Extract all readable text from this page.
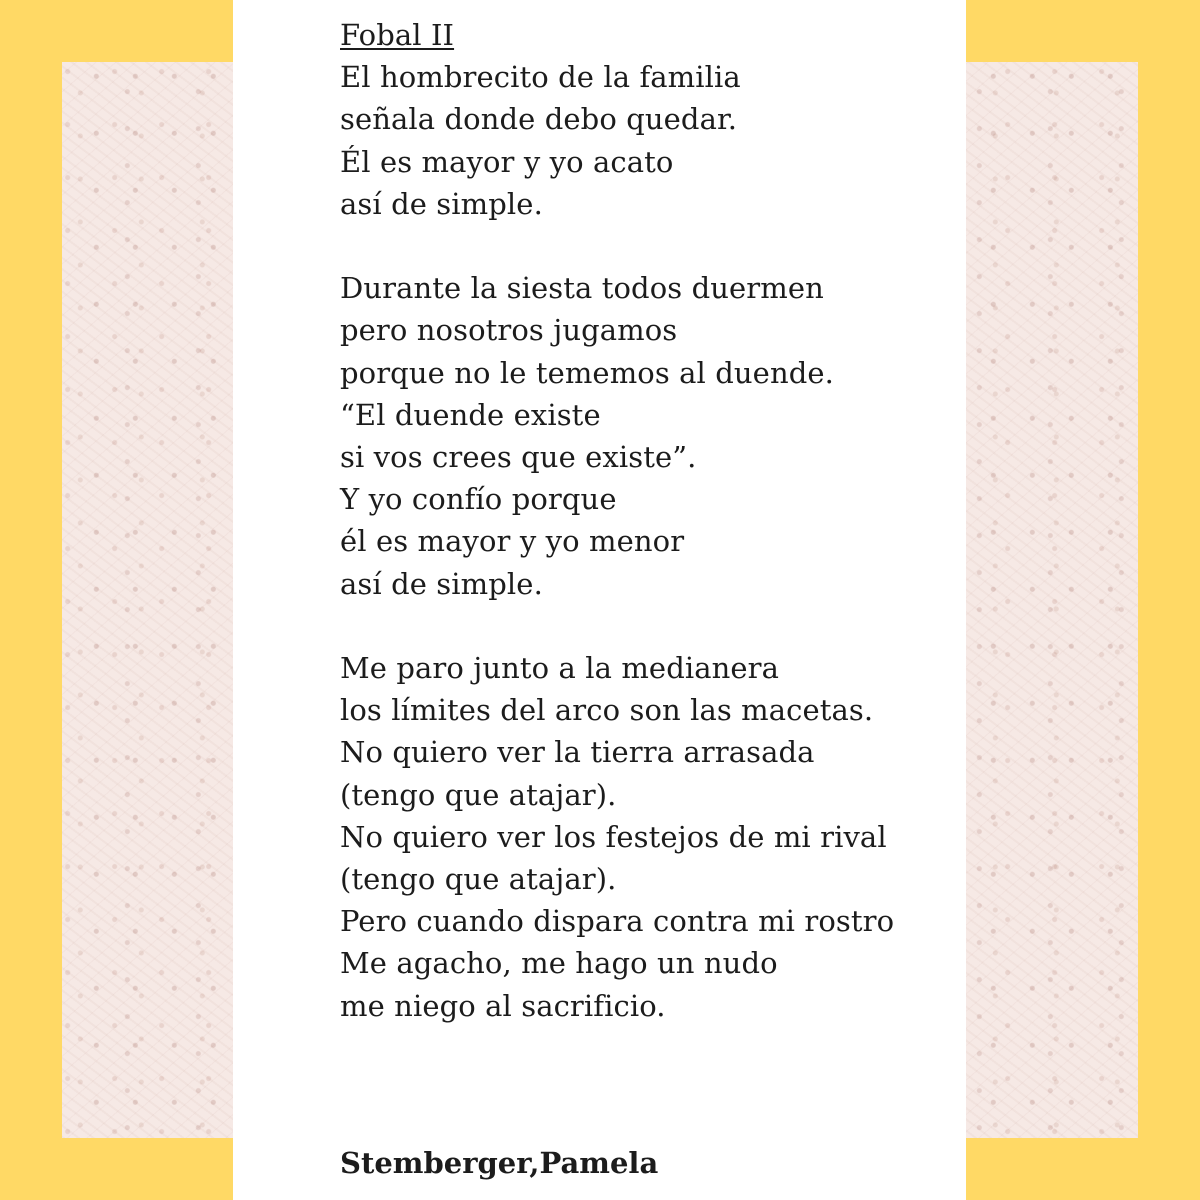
Fobal II
El hombrecito de la familia
señala donde debo quedar.
Él es mayor y yo acato
así de simple.
Durante la siesta todos duermen
pero nosotros jugamos
porque no le tememos al duende.
“El duende existe
si vos crees que existe”.
Y yo confío porque
él es mayor y yo menor
así de simple.
Me paro junto a la medianera
los límites del arco son las macetas.
No quiero ver la tierra arrasada
(tengo que atajar).
No quiero ver los festejos de mi rival
(tengo que atajar).
Pero cuando dispara contra mi rostro
Me agacho, me hago un nudo
me niego al sacrificio.
Stemberger,Pamela
